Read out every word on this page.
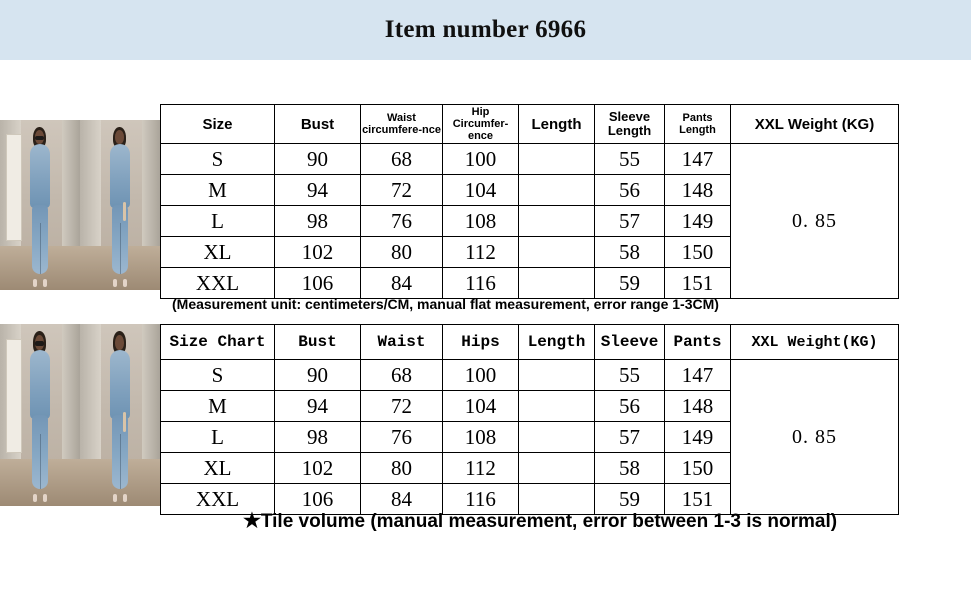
Item number 6966
Size	Bust	Waist circumfere-nce	Hip Circumfer-ence	Length	Sleeve Length	Pants Length	XXL Weight (KG)
S	90	68	100		55	147	0. 85
M	94	72	104		56	148	
L	98	76	108		57	149	
XL	102	80	112		58	150	
XXL	106	84	116		59	151	
(Measurement unit: centimeters/CM, manual flat measurement, error range 1-3CM)
Size Chart	Bust	Waist	Hips	Length	Sleeve	Pants	XXL Weight(KG)
S	90	68	100		55	147	0. 85
M	94	72	104		56	148	
L	98	76	108		57	149	
XL	102	80	112		58	150	
XXL	106	84	116		59	151	
★Tile volume (manual measurement, error between 1-3 is normal)
